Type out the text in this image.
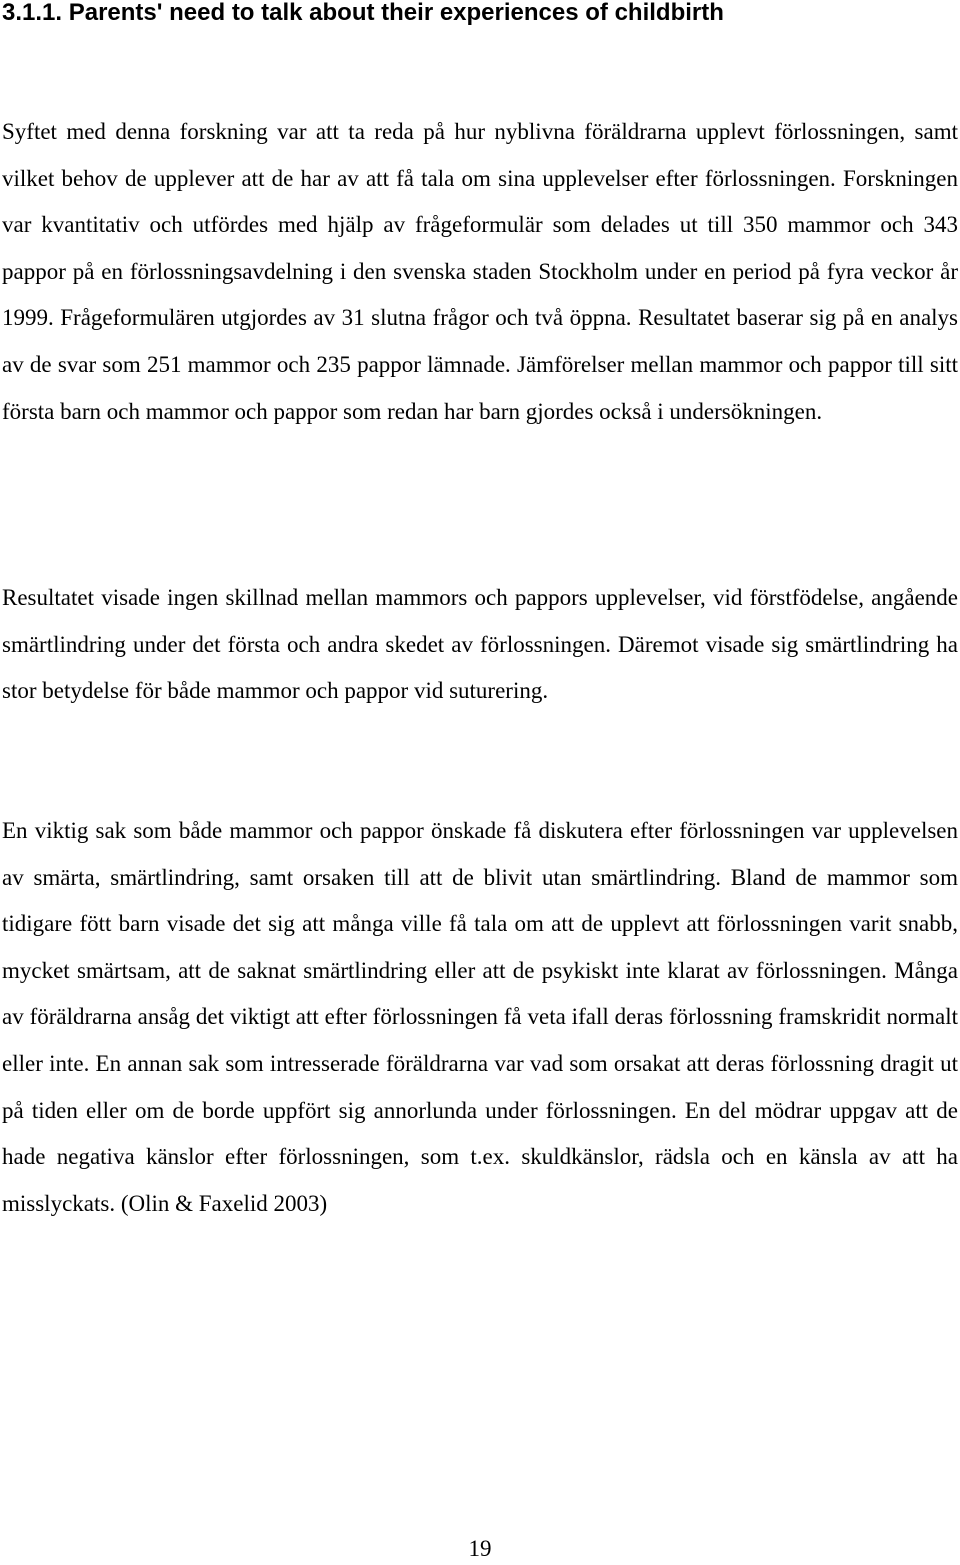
3.1.1. Parents' need to talk about their experiences of childbirth

Syftet med denna forskning var att ta reda på hur nyblivna föräldrarna upplevt förlossningen, samt vilket behov de upplever att de har av att få tala om sina upplevelser efter förlossningen. Forskningen var kvantitativ och utfördes med hjälp av frågeformulär som delades ut till 350 mammor och 343 pappor på en förlossningsavdelning i den svenska staden Stockholm under en period på fyra veckor år 1999. Frågeformulären utgjordes av 31 slutna frågor och två öppna. Resultatet baserar sig på en analys av de svar som 251 mammor och 235 pappor lämnade. Jämförelser mellan mammor och pappor till sitt första barn och mammor och pappor som redan har barn gjordes också i undersökningen.

Resultatet visade ingen skillnad mellan mammors och pappors upplevelser, vid förstfödelse, angående smärtlindring under det första och andra skedet av förlossningen. Däremot visade sig smärtlindring ha stor betydelse för både mammor och pappor vid suturering.

En viktig sak som både mammor och pappor önskade få diskutera efter förlossningen var upplevelsen av smärta, smärtlindring, samt orsaken till att de blivit utan smärtlindring. Bland de mammor som tidigare fött barn visade det sig att många ville få tala om att de upplevt att förlossningen varit snabb, mycket smärtsam, att de saknat smärtlindring eller att de psykiskt inte klarat av förlossningen. Många av föräldrarna ansåg det viktigt att efter förlossningen få veta ifall deras förlossning framskridit normalt eller inte. En annan sak som intresserade föräldrarna var vad som orsakat att deras förlossning dragit ut på tiden eller om de borde uppfört sig annorlunda under förlossningen. En del mödrar uppgav att de hade negativa känslor efter förlossningen, som t.ex. skuldkänslor, rädsla och en känsla av att ha misslyckats. (Olin & Faxelid 2003)

19
